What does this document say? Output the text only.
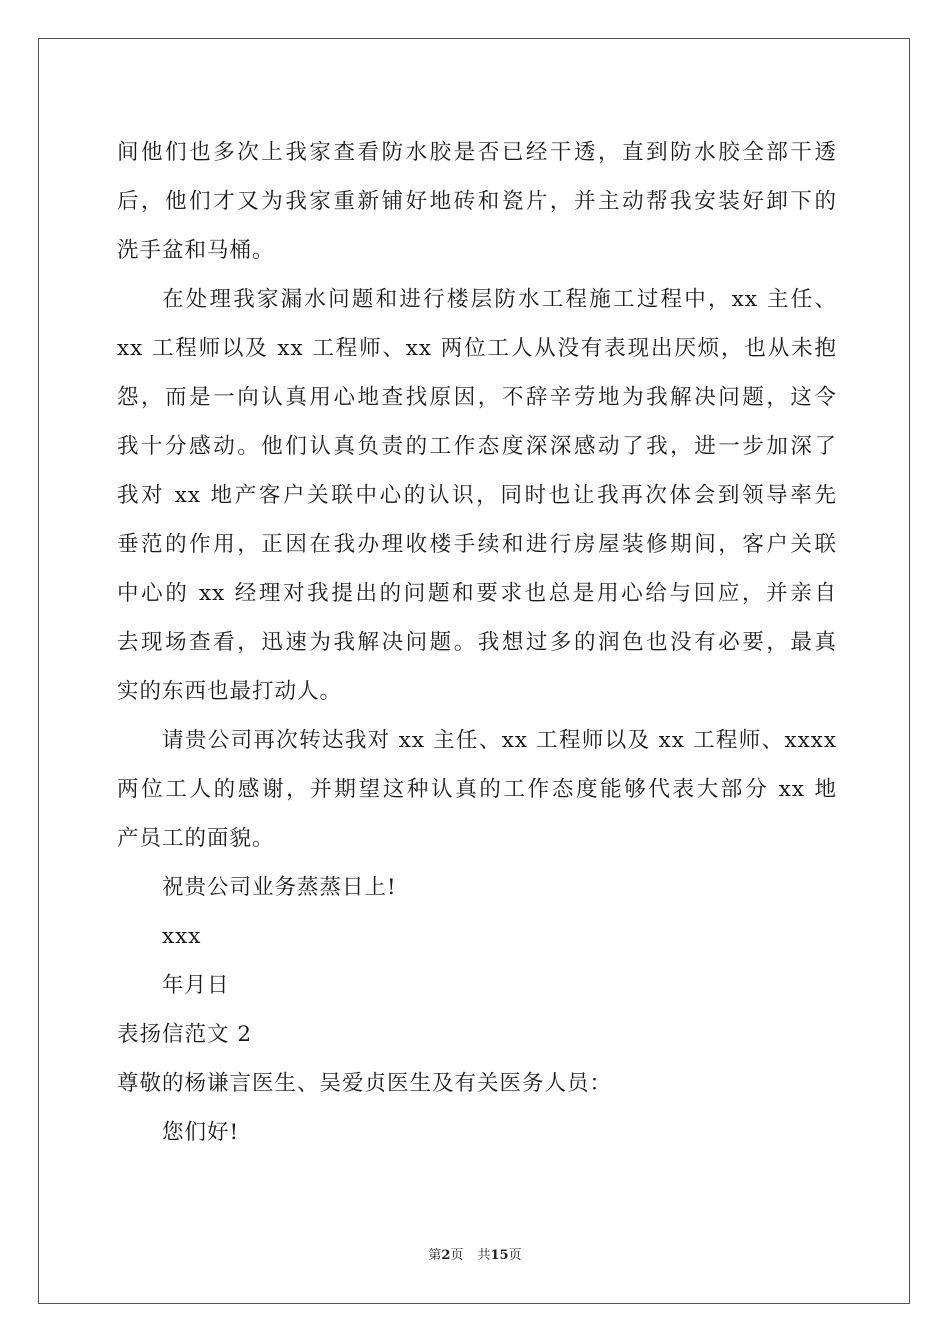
间他们也多次上我家查看防水胶是否已经干透，直到防水胶全部干透
后，他们才又为我家重新铺好地砖和瓷片，并主动帮我安装好卸下的
洗手盆和马桶。
在处理我家漏水问题和进行楼层防水工程施工过程中，xx 主任、
xx 工程师以及 xx 工程师、xx 两位工人从没有表现出厌烦，也从未抱
怨，而是一向认真用心地查找原因，不辞辛劳地为我解决问题，这令
我十分感动。他们认真负责的工作态度深深感动了我，进一步加深了
我对 xx 地产客户关联中心的认识，同时也让我再次体会到领导率先
垂范的作用，正因在我办理收楼手续和进行房屋装修期间，客户关联
中心的 xx 经理对我提出的问题和要求也总是用心给与回应，并亲自
去现场查看，迅速为我解决问题。我想过多的润色也没有必要，最真
实的东西也最打动人。
请贵公司再次转达我对 xx 主任、xx 工程师以及 xx 工程师、xxxx
两位工人的感谢，并期望这种认真的工作态度能够代表大部分 xx 地
产员工的面貌。
祝贵公司业务蒸蒸日上!
xxx
年月日
表扬信范文 2
尊敬的杨谦言医生、吴爱贞医生及有关医务人员：
您们好!
第2页 共15页
